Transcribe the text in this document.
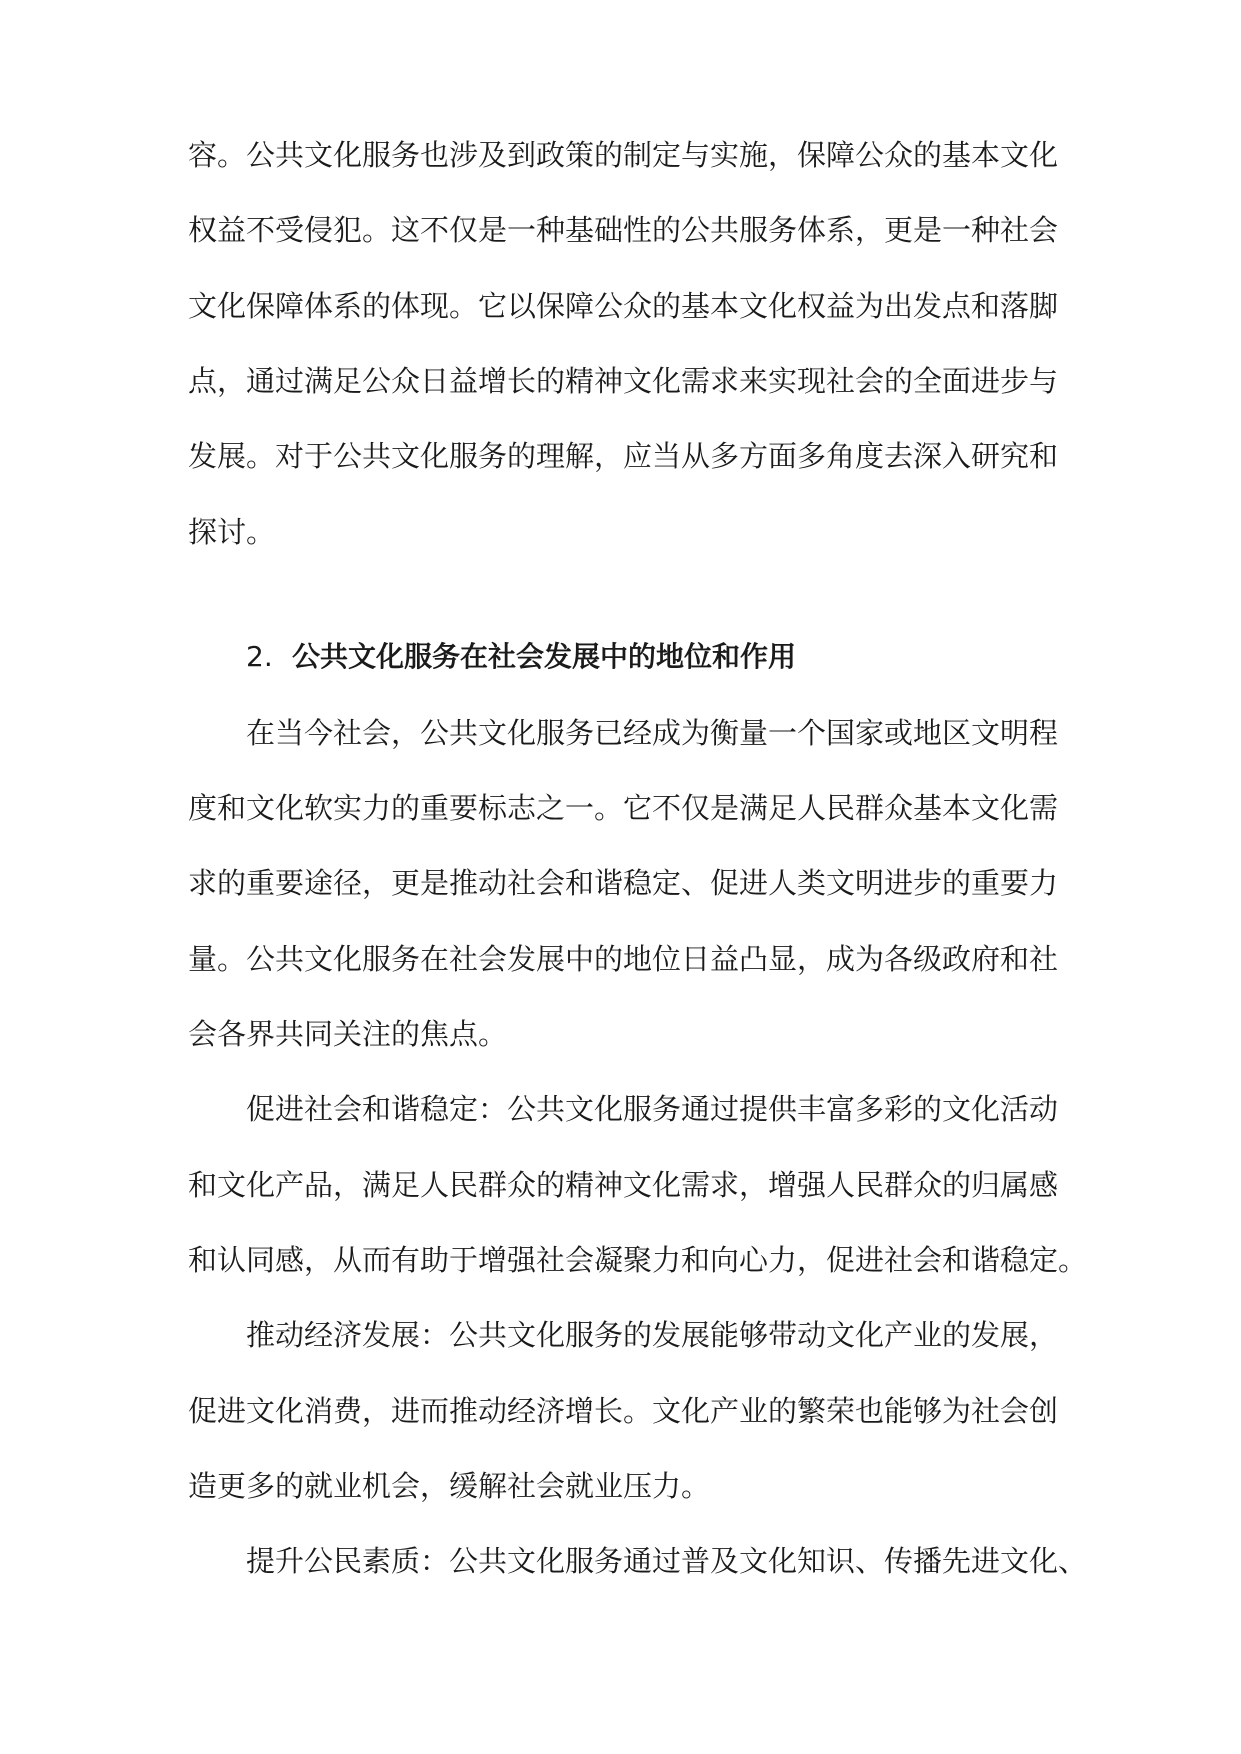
容。公共文化服务也涉及到政策的制定与实施，保障公众的基本文化
权益不受侵犯。这不仅是一种基础性的公共服务体系，更是一种社会
文化保障体系的体现。它以保障公众的基本文化权益为出发点和落脚
点，通过满足公众日益增长的精神文化需求来实现社会的全面进步与
发展。对于公共文化服务的理解，应当从多方面多角度去深入研究和
探讨。
2. 公共文化服务在社会发展中的地位和作用
在当今社会，公共文化服务已经成为衡量一个国家或地区文明程
度和文化软实力的重要标志之一。它不仅是满足人民群众基本文化需
求的重要途径，更是推动社会和谐稳定、促进人类文明进步的重要力
量。公共文化服务在社会发展中的地位日益凸显，成为各级政府和社
会各界共同关注的焦点。
促进社会和谐稳定：公共文化服务通过提供丰富多彩的文化活动
和文化产品，满足人民群众的精神文化需求，增强人民群众的归属感
和认同感，从而有助于增强社会凝聚力和向心力，促进社会和谐稳定。
推动经济发展：公共文化服务的发展能够带动文化产业的发展，
促进文化消费，进而推动经济增长。文化产业的繁荣也能够为社会创
造更多的就业机会，缓解社会就业压力。
提升公民素质：公共文化服务通过普及文化知识、传播先进文化、
